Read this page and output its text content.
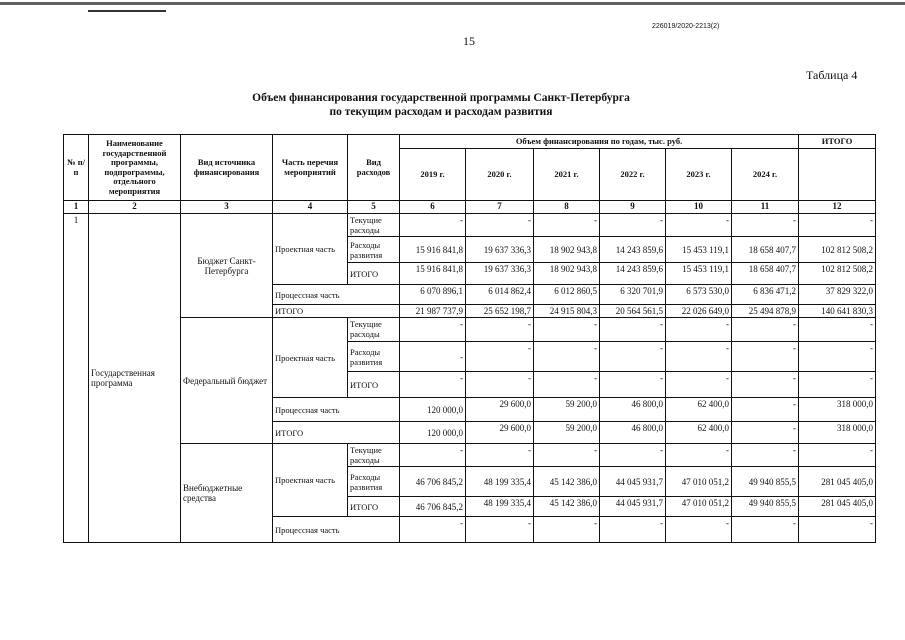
226019/2020-2213(2)
15
Таблица 4
Объем финансирования государственной программы Санкт-Петербурга
по текущим расходам и расходам развития
№ п/п	Наименование государственной программы, подпрограммы, отдельного мероприятия	Вид источника финансирования	Часть перечня мероприятий	Вид расходов	Объем финансирования по годам, тыс. руб.						ИТОГО
					2019 г.	2020 г.	2021 г.	2022 г.	2023 г.	2024 г.	
1	2	3	4	5	6	7	8	9	10	11	12
1	Государственная программа	Бюджет Санкт-Петербурга	Проектная часть	Текущие расходы	-	-	-	-	-	-	-
				Расходы развития	15 916 841,8	19 637 336,3	18 902 943,8	14 243 859,6	15 453 119,1	18 658 407,7	102 812 508,2
				ИТОГО	15 916 841,8	19 637 336,3	18 902 943,8	14 243 859,6	15 453 119,1	18 658 407,7	102 812 508,2
			Процессная часть		6 070 896,1	6 014 862,4	6 012 860,5	6 320 701,9	6 573 530,0	6 836 471,2	37 829 322,0
			ИТОГО		21 987 737,9	25 652 198,7	24 915 804,3	20 564 561,5	22 026 649,0	25 494 878,9	140 641 830,3
		Федеральный бюджет	Проектная часть	Текущие расходы	-	-	-	-	-	-	-
				Расходы развития	-	-	-	-	-	-	-
				ИТОГО	-	-	-	-	-	-	-
			Процессная часть		120 000,0	29 600,0	59 200,0	46 800,0	62 400,0	-	318 000,0
			ИТОГО		120 000,0	29 600,0	59 200,0	46 800,0	62 400,0	-	318 000,0
		Внебюджетные средства	Проектная часть	Текущие расходы	-	-	-	-	-	-	-
				Расходы развития	46 706 845,2	48 199 335,4	45 142 386,0	44 045 931,7	47 010 051,2	49 940 855,5	281 045 405,0
				ИТОГО	46 706 845,2	48 199 335,4	45 142 386,0	44 045 931,7	47 010 051,2	49 940 855,5	281 045 405,0
			Процессная часть		-	-	-	-	-	-	-
